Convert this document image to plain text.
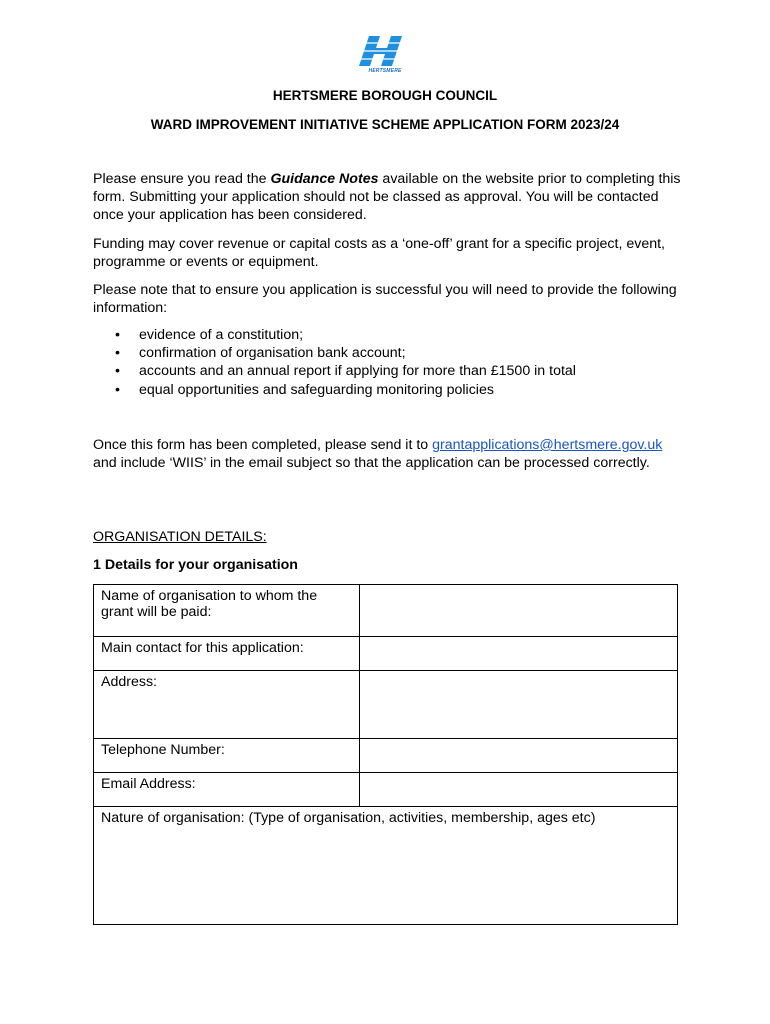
HERTSMERE
HERTSMERE BOROUGH COUNCIL
WARD IMPROVEMENT INITIATIVE SCHEME APPLICATION FORM 2023/24
Please ensure you read the Guidance Notes available on the website prior to completing this form. Submitting your application should not be classed as approval. You will be contacted once your application has been considered.
Funding may cover revenue or capital costs as a ‘one-off’ grant for a specific project, event, programme or events or equipment.
Please note that to ensure you application is successful you will need to provide the following information:
• evidence of a constitution;
• confirmation of organisation bank account;
• accounts and an annual report if applying for more than £1500 in total
• equal opportunities and safeguarding monitoring policies
Once this form has been completed, please send it to grantapplications@hertsmere.gov.uk and include ‘WIIS’ in the email subject so that the application can be processed correctly.
ORGANISATION DETAILS:
1 Details for your organisation
Name of organisation to whom the grant will be paid:	
Main contact for this application:	
Address:	
Telephone Number:	
Email Address:	
Nature of organisation: (Type of organisation, activities, membership, ages etc)	
